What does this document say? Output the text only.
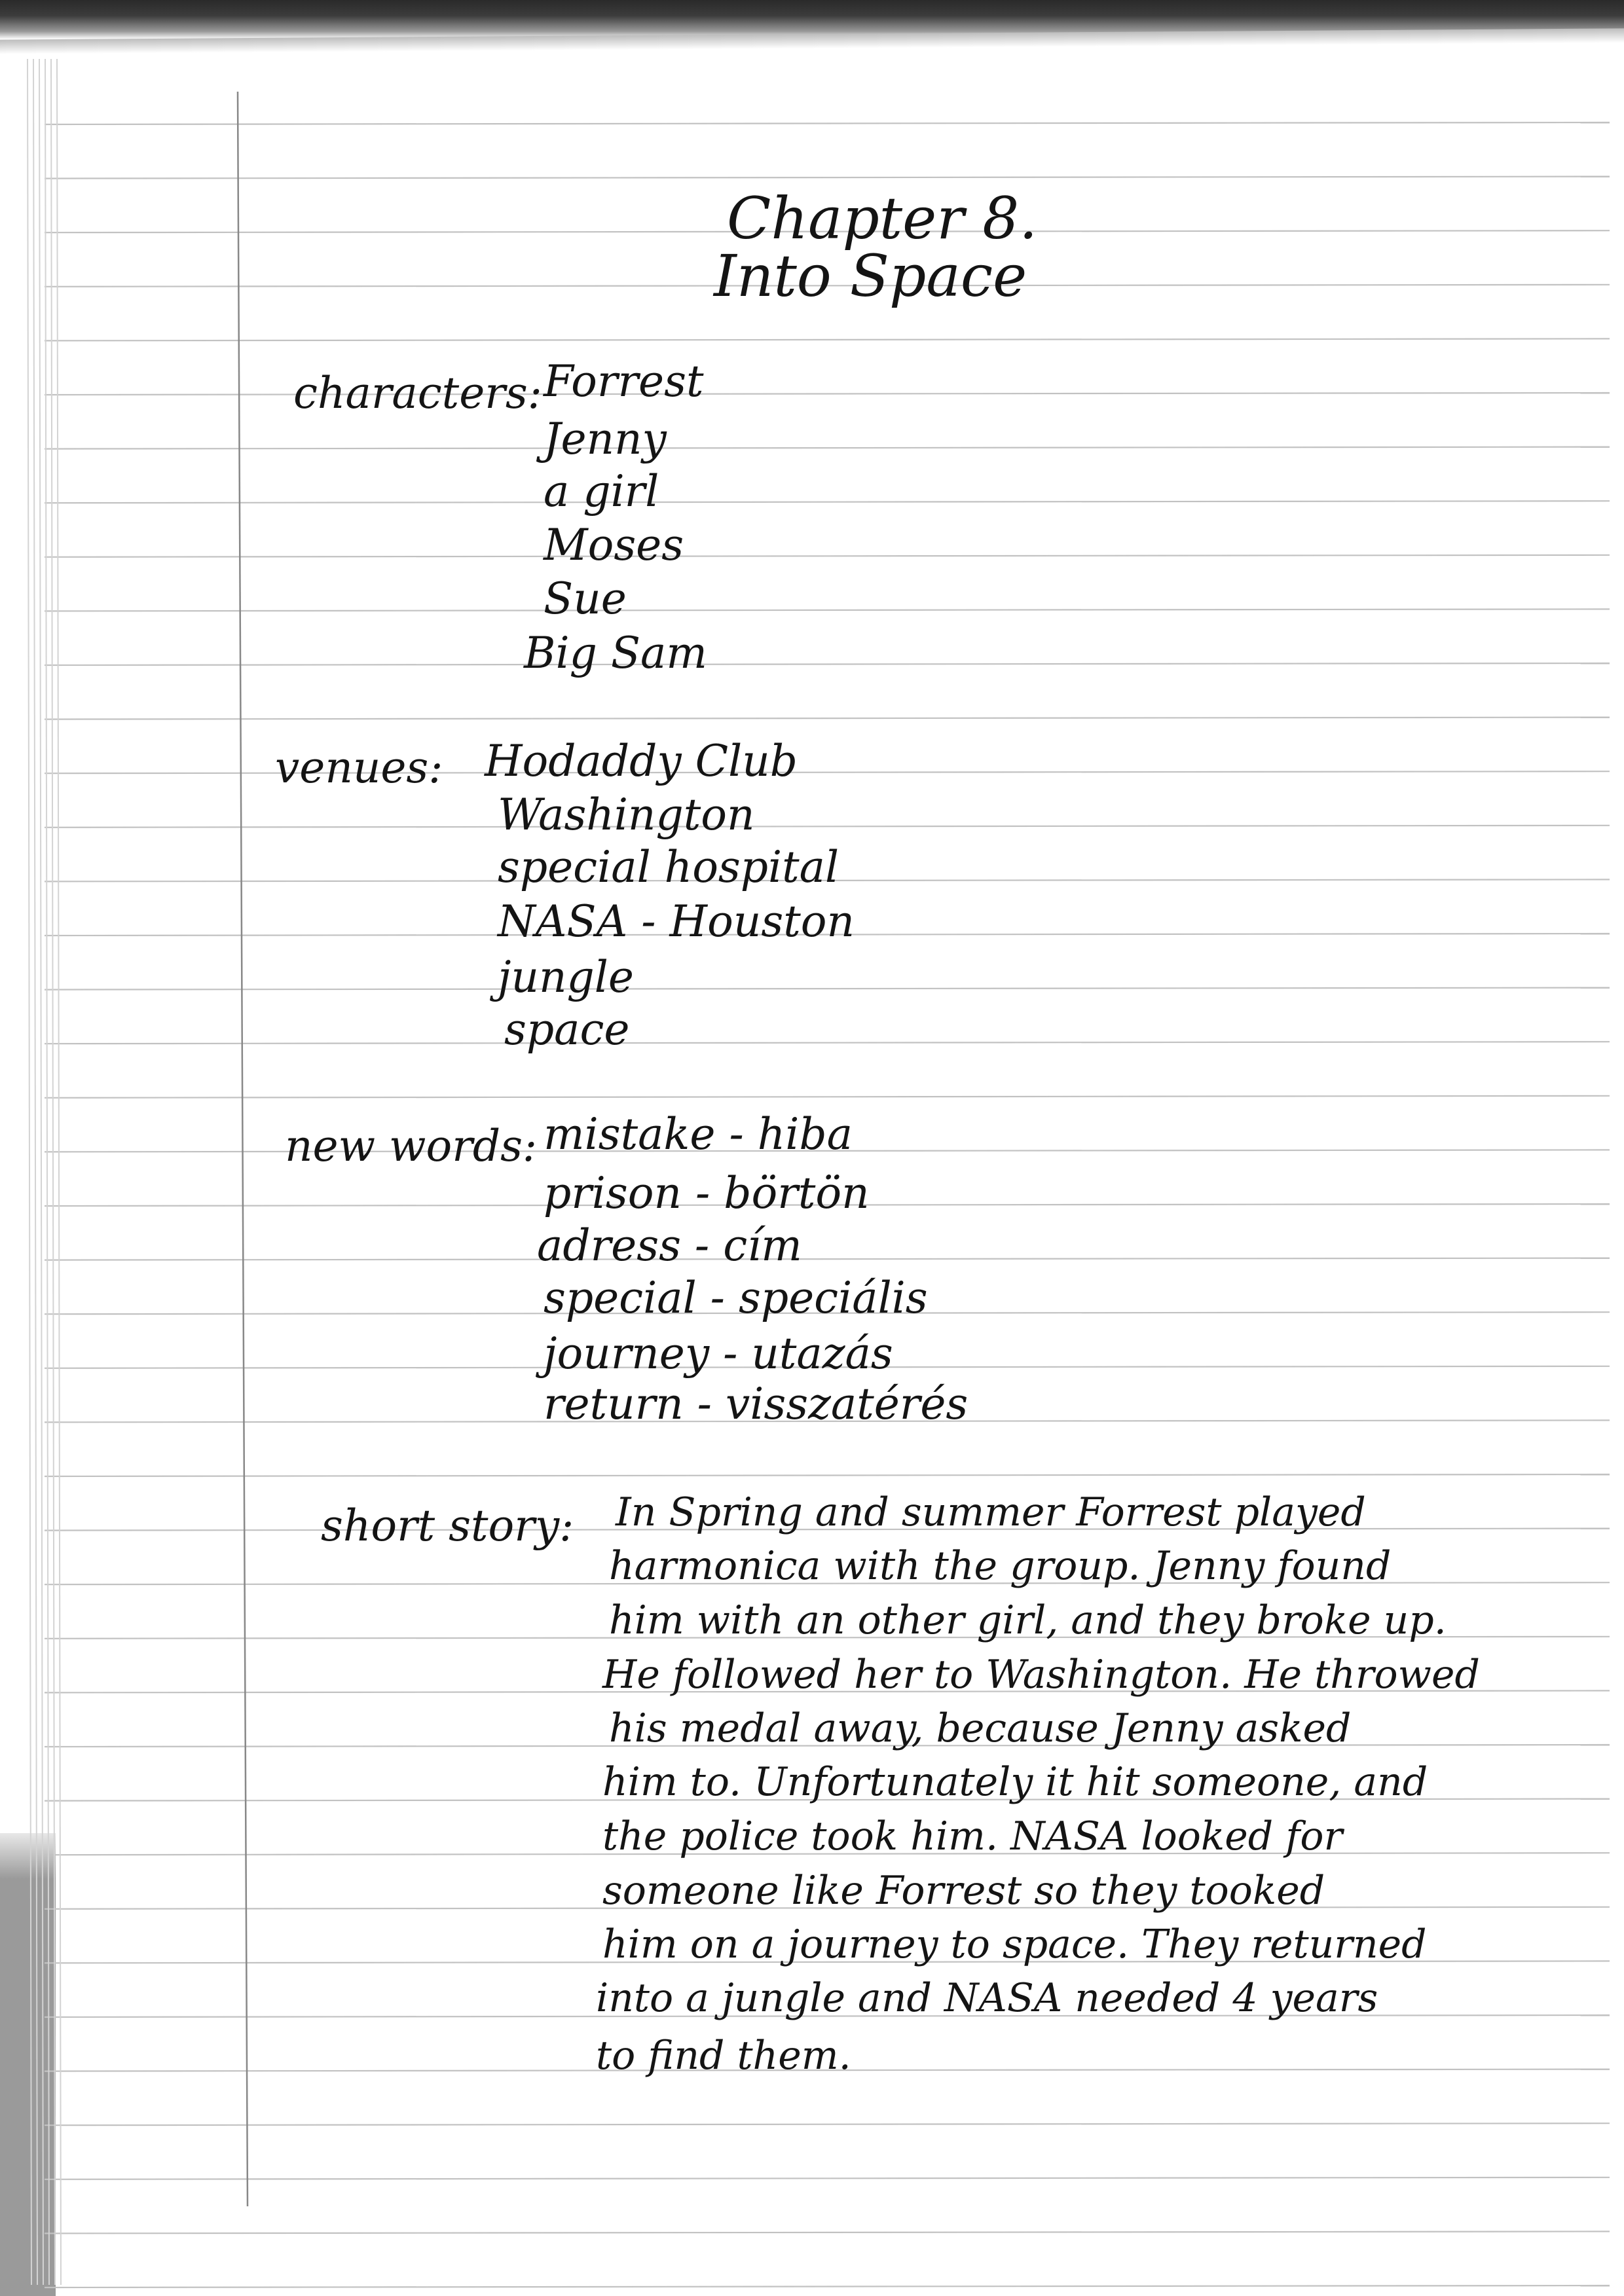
Chapter 8.
Into Space
characters: Forrest
Jenny
a girl
Moses
Sue
Big Sam
venues: Hodaddy Club
Washington
special hospital
NASA - Houston
jungle
space
new words: mistake - hiba
prison - börtön
adress - cím
special - speciális
journey - utazás
return - visszatérés
short story: In Spring and summer Forrest played
harmonica with the group. Jenny found
him with an other girl, and they broke up.
He followed her to Washington. He throwed
his medal away, because Jenny asked
him to. Unfortunately it hit someone, and
the police took him. NASA looked for
someone like Forrest so they tooked
him on a journey to space. They returned
into a jungle and NASA needed 4 years
to find them.
